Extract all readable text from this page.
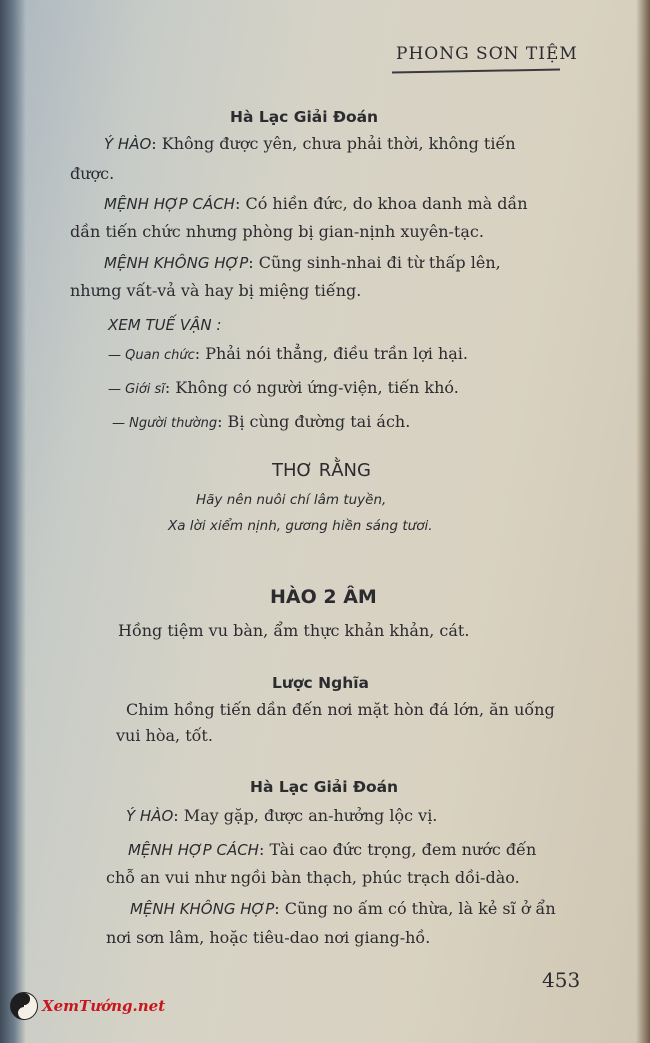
PHONG SƠN TIỆM
Hà Lạc Giải Đoán
Ý HÀO: Không được yên, chưa phải thời, không tiến
được.
MỆNH HỢP CÁCH: Có hiền đức, do khoa danh mà dần
dần tiến chức nhưng phòng bị gian-nịnh xuyên-tạc.
MỆNH KHÔNG HỢP: Cũng sinh-nhai đi từ thấp lên,
nhưng vất-vả và hay bị miệng tiếng.
XEM TUẾ VẬN :
— Quan chức: Phải nói thẳng, điều trần lợi hại.
— Giới sĩ: Không có người ứng-viện, tiến khó.
— Người thường: Bị cùng đường tai ách.
THƠ RẰNG
Hãy nên nuôi chí lâm tuyền,
Xa lời xiểm nịnh, gương hiền sáng tươi.
HÀO 2 ÂM
Hồng tiệm vu bàn, ẩm thực khản khản, cát.
Lược Nghĩa
Chim hồng tiến dần đến nơi mặt hòn đá lớn, ăn uống
vui hòa, tốt.
Hà Lạc Giải Đoán
Ý HÀO: May gặp, được an-hưởng lộc vị.
MỆNH HỢP CÁCH: Tài cao đức trọng, đem nước đến
chỗ an vui như ngồi bàn thạch, phúc trạch dồi-dào.
MỆNH KHÔNG HỢP: Cũng no ấm có thừa, là kẻ sĩ ở ẩn
nơi sơn lâm, hoặc tiêu-dao nơi giang-hồ.
453
XemTướng.net
